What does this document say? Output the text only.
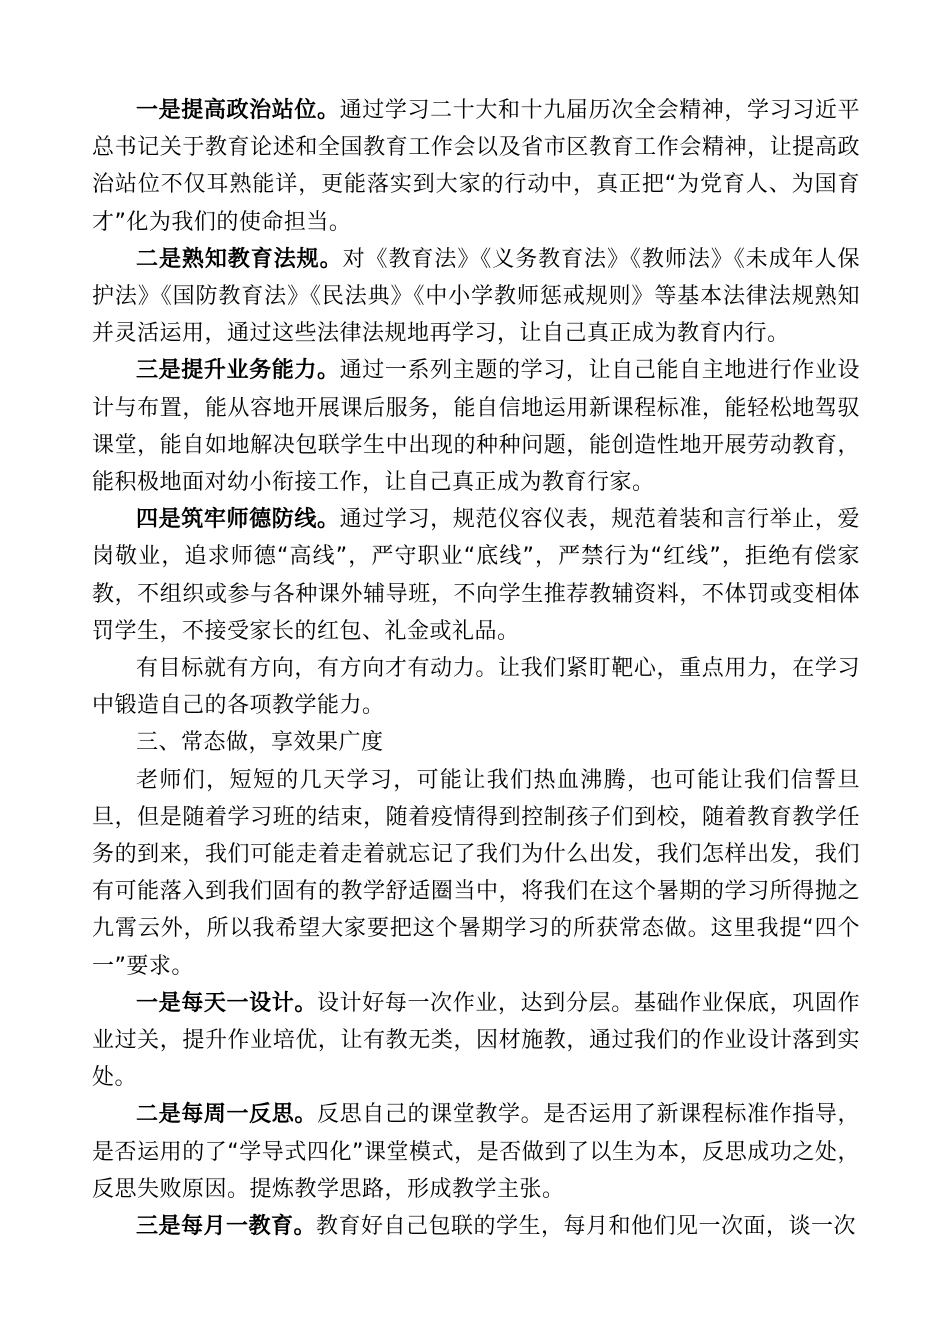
一是提高政治站位。通过学习二十大和十九届历次全会精神，学习习近平总书记关于教育论述和全国教育工作会以及省市区教育工作会精神，让提高政治站位不仅耳熟能详，更能落实到大家的行动中，真正把“为党育人、为国育才”化为我们的使命担当。

二是熟知教育法规。对《教育法》《义务教育法》《教师法》《未成年人保护法》《国防教育法》《民法典》《中小学教师惩戒规则》等基本法律法规熟知并灵活运用，通过这些法律法规地再学习，让自己真正成为教育内行。

三是提升业务能力。通过一系列主题的学习，让自己能自主地进行作业设计与布置，能从容地开展课后服务，能自信地运用新课程标准，能轻松地驾驭课堂，能自如地解决包联学生中出现的种种问题，能创造性地开展劳动教育，能积极地面对幼小衔接工作，让自己真正成为教育行家。

四是筑牢师德防线。通过学习，规范仪容仪表，规范着装和言行举止，爱岗敬业，追求师德“高线”，严守职业“底线”，严禁行为“红线”，拒绝有偿家教，不组织或参与各种课外辅导班，不向学生推荐教辅资料，不体罚或变相体罚学生，不接受家长的红包、礼金或礼品。

有目标就有方向，有方向才有动力。让我们紧盯靶心，重点用力，在学习中锻造自己的各项教学能力。

三、常态做，享效果广度

老师们，短短的几天学习，可能让我们热血沸腾，也可能让我们信誓旦旦，但是随着学习班的结束，随着疫情得到控制孩子们到校，随着教育教学任务的到来，我们可能走着走着就忘记了我们为什么出发，我们怎样出发，我们有可能落入到我们固有的教学舒适圈当中，将我们在这个暑期的学习所得抛之九霄云外，所以我希望大家要把这个暑期学习的所获常态做。这里我提“四个一”要求。

一是每天一设计。设计好每一次作业，达到分层。基础作业保底，巩固作业过关，提升作业培优，让有教无类，因材施教，通过我们的作业设计落到实处。

二是每周一反思。反思自己的课堂教学。是否运用了新课程标准作指导，是否运用的了“学导式四化”课堂模式，是否做到了以生为本，反思成功之处，反思失败原因。提炼教学思路，形成教学主张。

三是每月一教育。教育好自己包联的学生，每月和他们见一次面，谈一次
